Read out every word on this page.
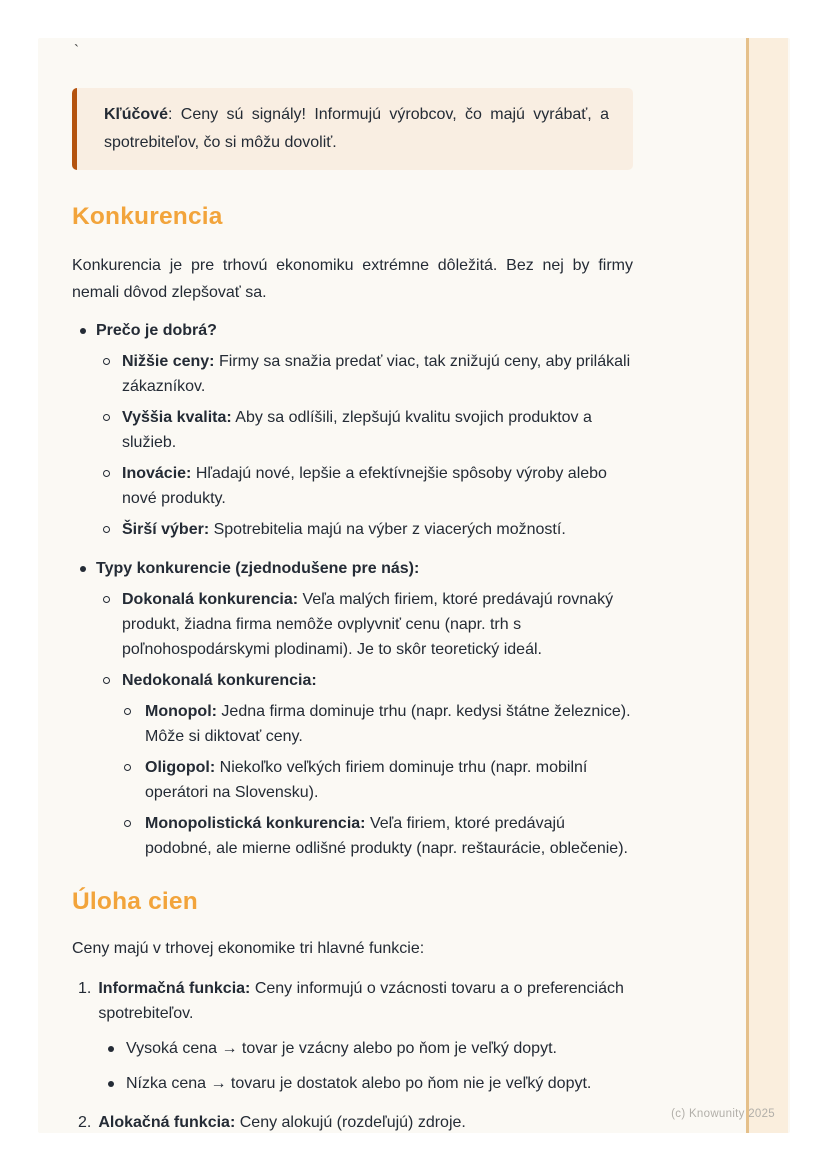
`

Kľúčové: Ceny sú signály! Informujú výrobcov, čo majú vyrábať, a spotrebiteľov, čo si môžu dovoliť.

Konkurencia

Konkurencia je pre trhovú ekonomiku extrémne dôležitá. Bez nej by firmy nemali dôvod zlepšovať sa.

Prečo je dobrá?
Nižšie ceny: Firmy sa snažia predať viac, tak znižujú ceny, aby prilákali zákazníkov.
Vyššia kvalita: Aby sa odlíšili, zlepšujú kvalitu svojich produktov a služieb.
Inovácie: Hľadajú nové, lepšie a efektívnejšie spôsoby výroby alebo nové produkty.
Širší výber: Spotrebitelia majú na výber z viacerých možností.
Typy konkurencie (zjednodušene pre nás):
Dokonalá konkurencia: Veľa malých firiem, ktoré predávajú rovnaký produkt, žiadna firma nemôže ovplyvniť cenu (napr. trh s poľnohospodárskymi plodinami). Je to skôr teoretický ideál.
Nedokonalá konkurencia:
Monopol: Jedna firma dominuje trhu (napr. kedysi štátne železnice). Môže si diktovať ceny.
Oligopol: Niekoľko veľkých firiem dominuje trhu (napr. mobilní operátori na Slovensku).
Monopolistická konkurencia: Veľa firiem, ktoré predávajú podobné, ale mierne odlišné produkty (napr. reštaurácie, oblečenie).
Úloha cien

Ceny majú v trhovej ekonomike tri hlavné funkcie:

1. Informačná funkcia: Ceny informujú o vzácnosti tovaru a o preferenciách spotrebiteľov.
Vysoká cena → tovar je vzácny alebo po ňom je veľký dopyt.
Nízka cena → tovaru je dostatok alebo po ňom nie je veľký dopyt.
2. Alokačná funkcia: Ceny alokujú (rozdeľujú) zdroje.	(c) Knowunity 2025
